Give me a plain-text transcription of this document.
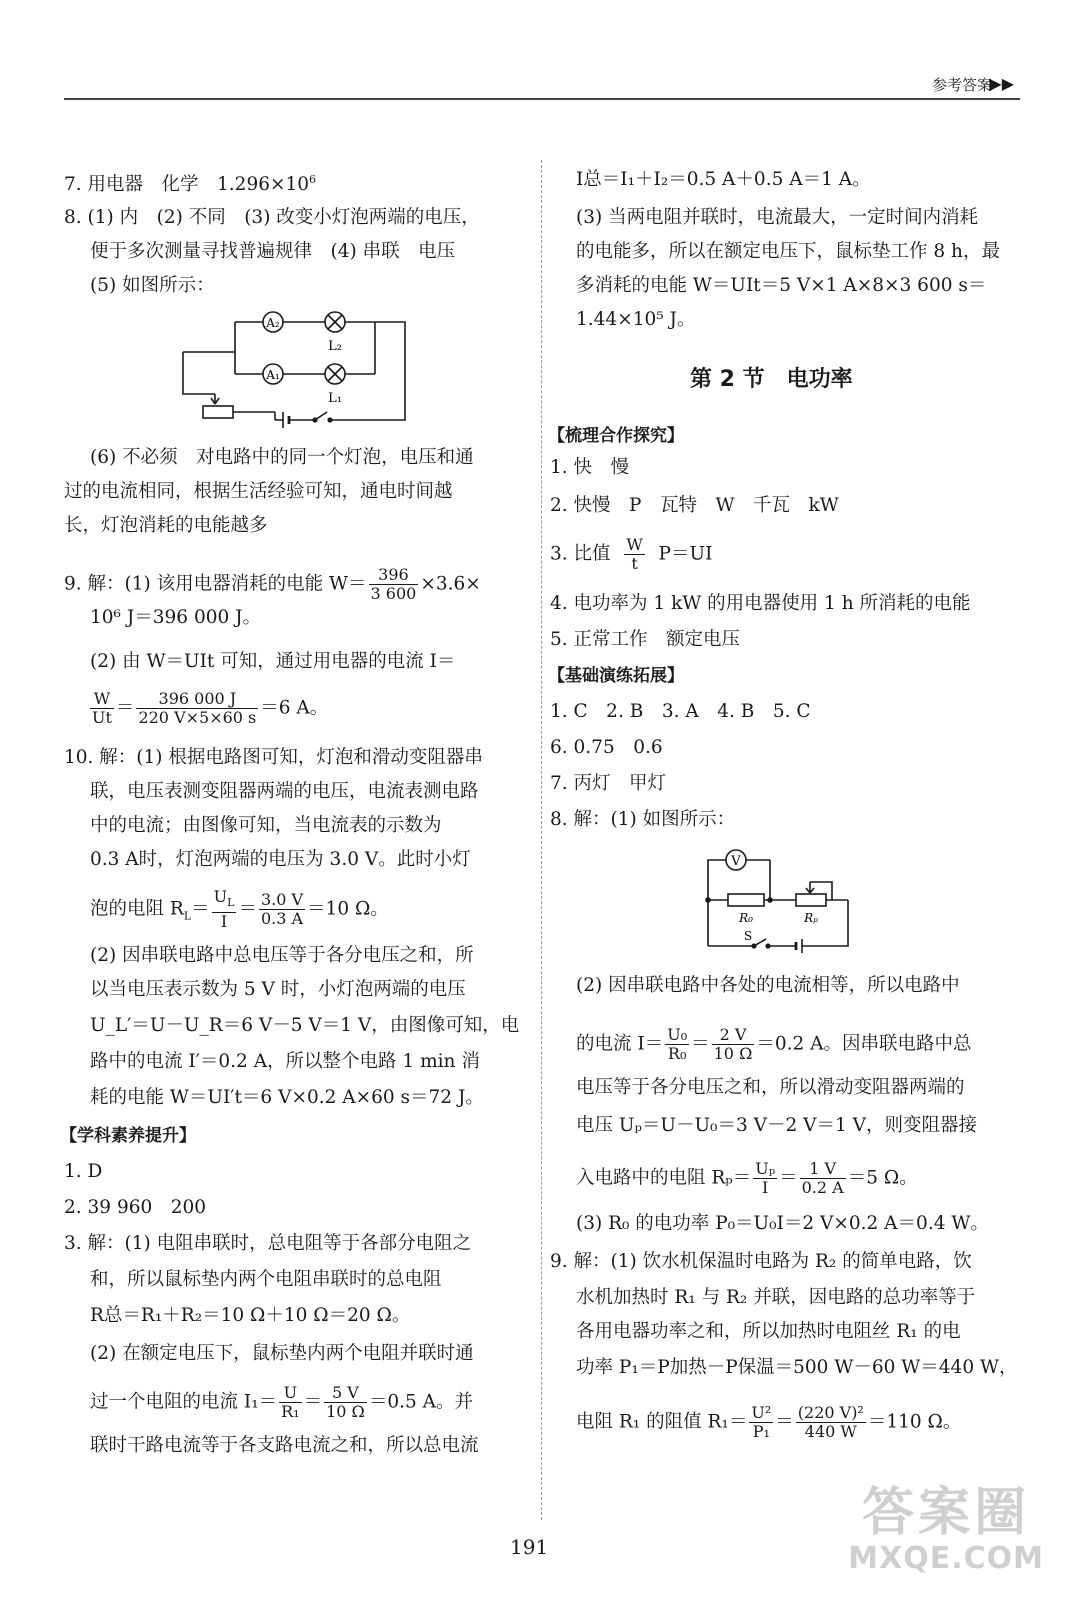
参考答案
▶▶
7. 用电器　化学　$1.296\times 10^6$
8. (1) 内　(2) 不同　(3) 改变小灯泡两端的电压，
便于多次测量寻找普遍规律　(4) 串联　电压
(5) 如图所示：
A₂
A₁
L₂
L₁
(6) 不必须　对电路中的同一个灯泡，电压和通
过的电流相同，根据生活经验可知，通电时间越
长，灯泡消耗的电能越多
9. 解：(1) 该用电器消耗的电能 $W= \frac{396}{3 600} \times 3.6\times$
10⁶ J＝396 000 J。
(2) 由 W＝UIt 可知，通过用电器的电流 I＝
$\frac{W}{Ut} = \frac{396 000 J}{220 V\times 5\times 60 s} =6$ A。
10. 解：(1) 根据电路图可知，灯泡和滑动变阻器串
联，电压表测变阻器两端的电压，电流表测电路
中的电流；由图像可知，当电流表的示数为
0.3 A时，灯泡两端的电压为 3.0 V。此时小灯
泡的电阻 $R_L= \frac{U_L}{I} = \frac{3.0 V}{0.3 A} =10$ Ω。
(2) 因串联电路中总电压等于各分电压之和，所
以当电压表示数为 5 V 时，小灯泡两端的电压
U_L′＝U－U_R＝6 V－5 V＝1 V，由图像可知，电
路中的电流 I′＝0.2 A，所以整个电路 1 min 消
耗的电能 W＝UI′t＝6 V×0.2 A×60 s＝72 J。
【学科素养提升】
1. D
2. 39 960　200
3. 解：(1) 电阻串联时，总电阻等于各部分电阻之
和，所以鼠标垫内两个电阻串联时的总电阻
R总＝R₁＋R₂＝10 Ω＋10 Ω＝20 Ω。
(2) 在额定电压下，鼠标垫内两个电阻并联时通
过一个电阻的电流 $I_1= \frac{U}{\text{R₁}} = \frac{5 V}{10 \Omega} =0.5$ A。并
联时干路电流等于各支路电流之和，所以总电流
I总＝I₁＋I₂＝0.5 A＋0.5 A＝1 A。
(3) 当两电阻并联时，电流最大，一定时间内消耗
的电能多，所以在额定电压下，鼠标垫工作 8 h，最
多消耗的电能 W＝UIt＝5 V×1 A×8×3 600 s＝
1.44×10⁵ J。
第 2 节　电功率
【梳理合作探究】
1. 快　慢
2. 快慢　P　瓦特　W　千瓦　kW
3. 比值 $\frac{W}{t} P=UI$
4. 电功率为 1 kW 的用电器使用 1 h 所消耗的电能
5. 正常工作　额定电压
【基础演练拓展】
1. C　2. B　3. A　4. B　5. C
6. 0.75　0.6
7. 丙灯　甲灯
8. 解：(1) 如图所示：
V
R₀	Rₚ
S
(2) 因串联电路中各处的电流相等，所以电路中
的电流 $I= \frac{\text{U₀}}{\text{R₀}} = \frac{2 V}{10 \Omega} =0.2$ A。因串联电路中总
电压等于各分电压之和，所以滑动变阻器两端的
电压 Uₚ＝U－U₀＝3 V－2 V＝1 V，则变阻器接
入电路中的电阻 $R_p= \frac{\text{Uₚ}}{I} = \frac{1 V}{0.2 A} =5$ Ω。
(3) R₀ 的电功率 P₀＝U₀I＝2 V×0.2 A＝0.4 W。
9. 解：(1) 饮水机保温时电路为 R₂ 的简单电路，饮
水机加热时 R₁ 与 R₂ 并联，因电路的总功率等于
各用电器功率之和，所以加热时电阻丝 R₁ 的电
功率 P₁＝P加热－P保温＝500 W－60 W＝440 W，
电阻 R₁ 的阻值 $R_1= \frac{\text{U²}}{\text{P₁}} = \frac{\text{(220 V)²}}{440 W} =110$ Ω。
191
答案圈
MXQE.COM
